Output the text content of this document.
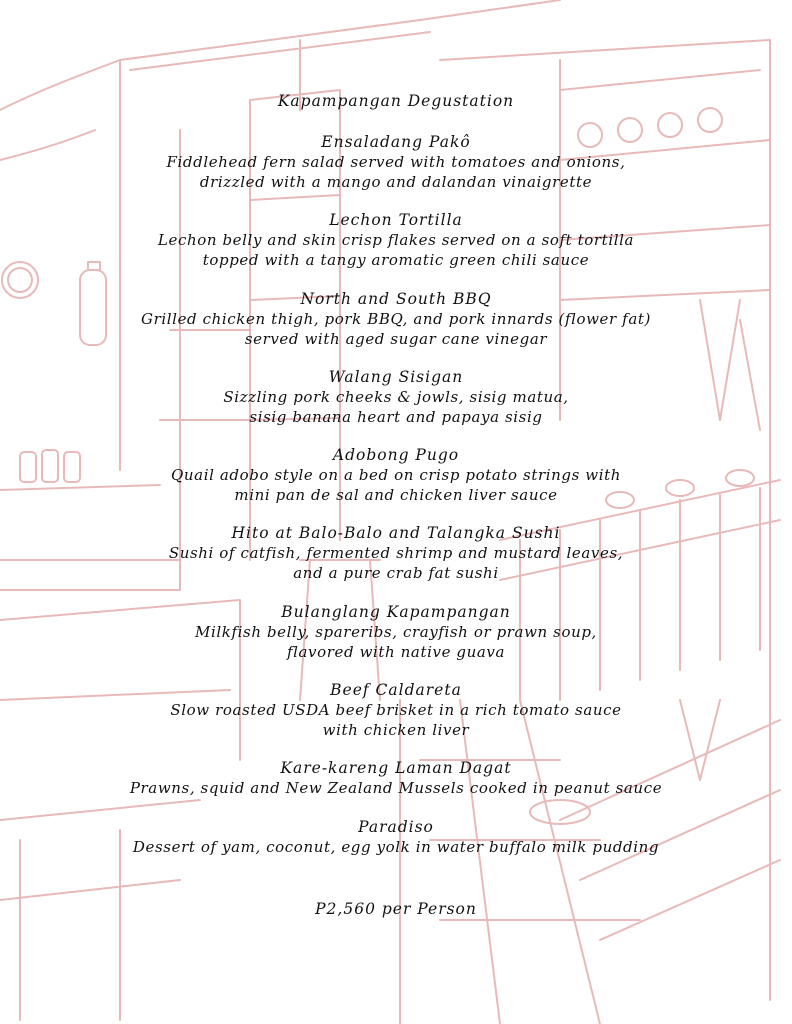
Kapampangan Degustation
Ensaladang Pakô
Fiddlehead fern salad served with tomatoes and onions,
drizzled with a mango and dalandan vinaigrette
Lechon Tortilla
Lechon belly and skin crisp flakes served on a soft tortilla
topped with a tangy aromatic green chili sauce
North and South BBQ
Grilled chicken thigh, pork BBQ, and pork innards (flower fat)
served with aged sugar cane vinegar
Walang Sisigan
Sizzling pork cheeks & jowls, sisig matua,
sisig banana heart and papaya sisig
Adobong Pugo
Quail adobo style on a bed on crisp potato strings with
mini pan de sal and chicken liver sauce
Hito at Balo-Balo and Talangka Sushi
Sushi of catfish, fermented shrimp and mustard leaves,
and a pure crab fat sushi
Bulanglang Kapampangan
Milkfish belly, spareribs, crayfish or prawn soup,
flavored with native guava
Beef Caldareta
Slow roasted USDA beef brisket in a rich tomato sauce
with chicken liver
Kare-kareng Laman Dagat
Prawns, squid and New Zealand Mussels cooked in peanut sauce
Paradiso
Dessert of yam, coconut, egg yolk in water buffalo milk pudding
P2,560 per Person
